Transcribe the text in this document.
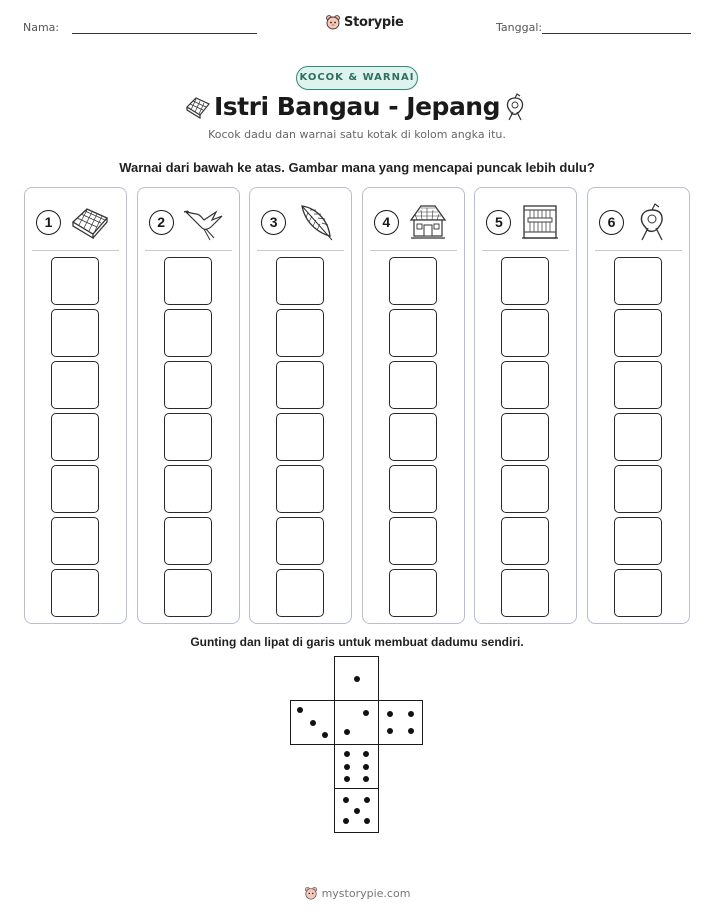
Nama:	Storypie	Tanggal:
KOCOK & WARNAI
Istri Bangau - Jepang
Kocok dadu dan warnai satu kotak di kolom angka itu.
Warnai dari bawah ke atas. Gambar mana yang mencapai puncak lebih dulu?
1	2	3	4	5	6
Gunting dan lipat di garis untuk membuat dadumu sendiri.
mystorypie.com
